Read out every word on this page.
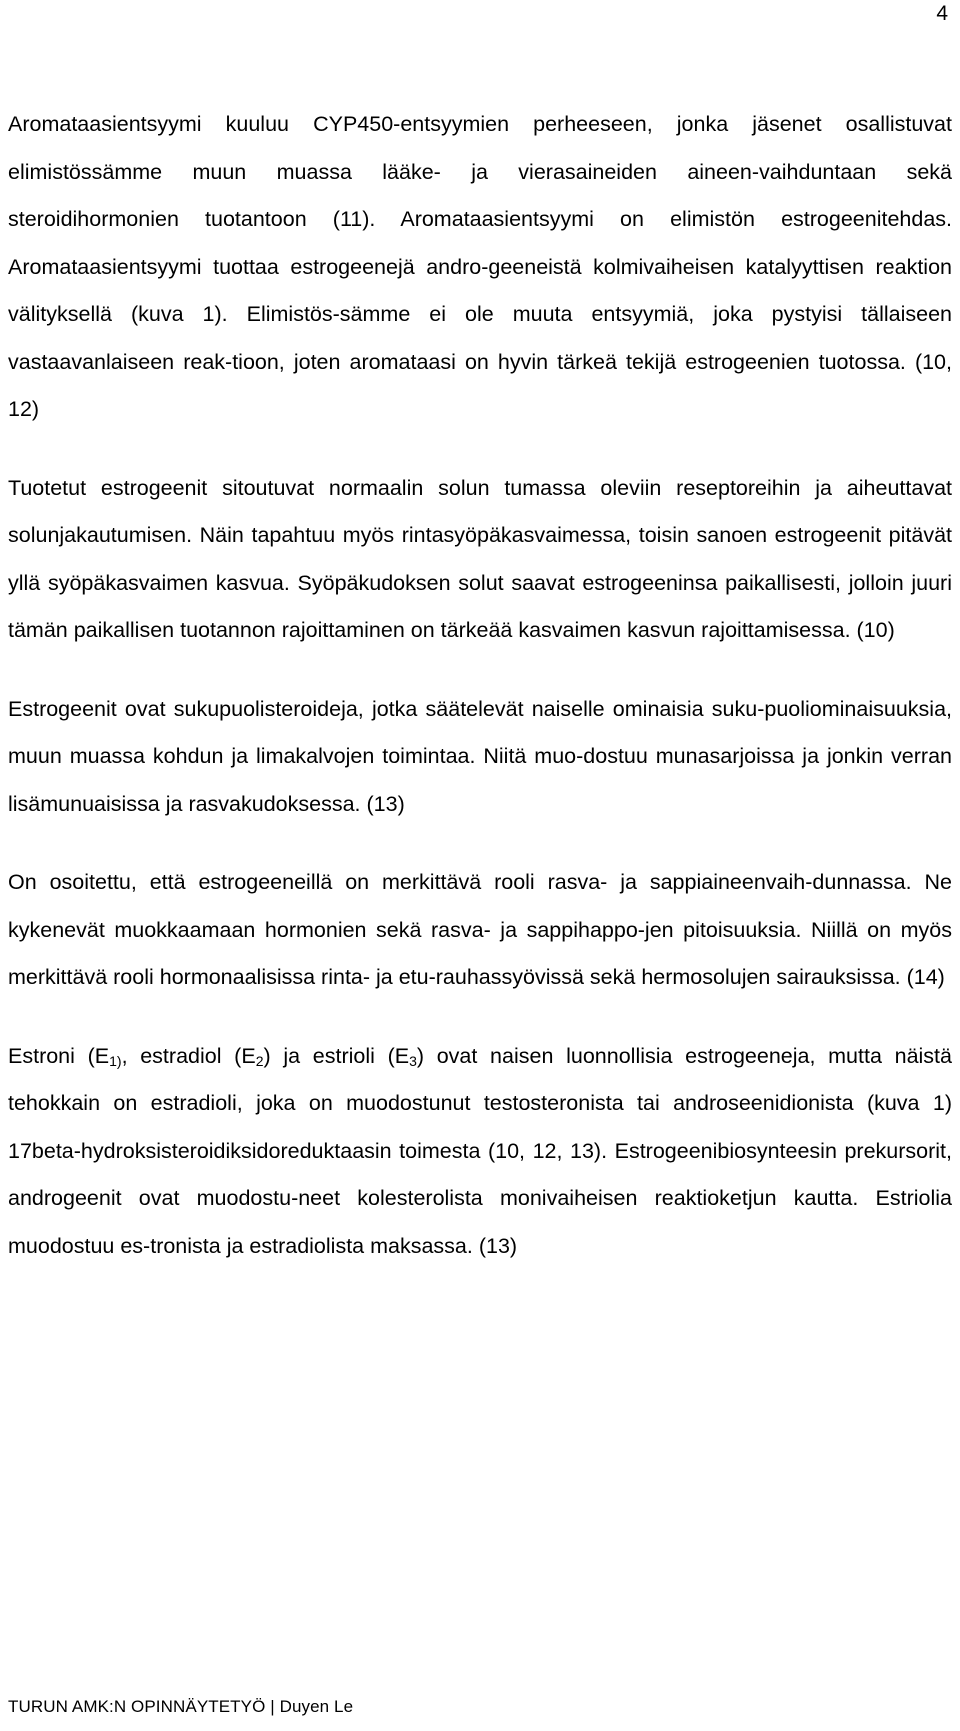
4

Aromataasientsyymi kuuluu CYP450-entsyymien perheeseen, jonka jäsenet osallistuvat elimistössämme muun muassa lääke- ja vierasaineiden aineen-vaihduntaan sekä steroidihormonien tuotantoon (11). Aromataasientsyymi on elimistön estrogeenitehdas. Aromataasientsyymi tuottaa estrogeenejä andro-geeneistä kolmivaiheisen katalyyttisen reaktion välityksellä (kuva 1). Elimistös-sämme ei ole muuta entsyymiä, joka pystyisi tällaiseen vastaavanlaiseen reak-tioon, joten aromataasi on hyvin tärkeä tekijä estrogeenien tuotossa. (10, 12)

Tuotetut estrogeenit sitoutuvat normaalin solun tumassa oleviin reseptoreihin ja aiheuttavat solunjakautumisen. Näin tapahtuu myös rintasyöpäkasvaimessa, toisin sanoen estrogeenit pitävät yllä syöpäkasvaimen kasvua. Syöpäkudoksen solut saavat estrogeeninsa paikallisesti, jolloin juuri tämän paikallisen tuotannon rajoittaminen on tärkeää kasvaimen kasvun rajoittamisessa. (10)

Estrogeenit ovat sukupuolisteroideja, jotka säätelevät naiselle ominaisia suku-puoliominaisuuksia, muun muassa kohdun ja limakalvojen toimintaa. Niitä muo-dostuu munasarjoissa ja jonkin verran lisämunuaisissa ja rasvakudoksessa. (13)

On osoitettu, että estrogeeneillä on merkittävä rooli rasva- ja sappiaineenvaih-dunnassa. Ne kykenevät muokkaamaan hormonien sekä rasva- ja sappihappo-jen pitoisuuksia. Niillä on myös merkittävä rooli hormonaalisissa rinta- ja etu-rauhassyövissä sekä hermosolujen sairauksissa. (14)

Estroni ($E_{1)}$, estradiol $(E_2)$ ja estrioli $(E_3)$ ovat naisen luonnollisia estrogeeneja, mutta näistä tehokkain on estradioli, joka on muodostunut testosteronista tai androseenidionista (kuva 1) 17beta-hydroksisteroidiksidoreduktaasin toimesta (10, 12, 13). Estrogeenibiosynteesin prekursorit, androgeenit ovat muodostu-neet kolesterolista monivaiheisen reaktioketjun kautta. Estriolia muodostuu es-tronista ja estradiolista maksassa. (13)

TURUN AMK:N OPINNÄYTETYÖ | Duyen Le
